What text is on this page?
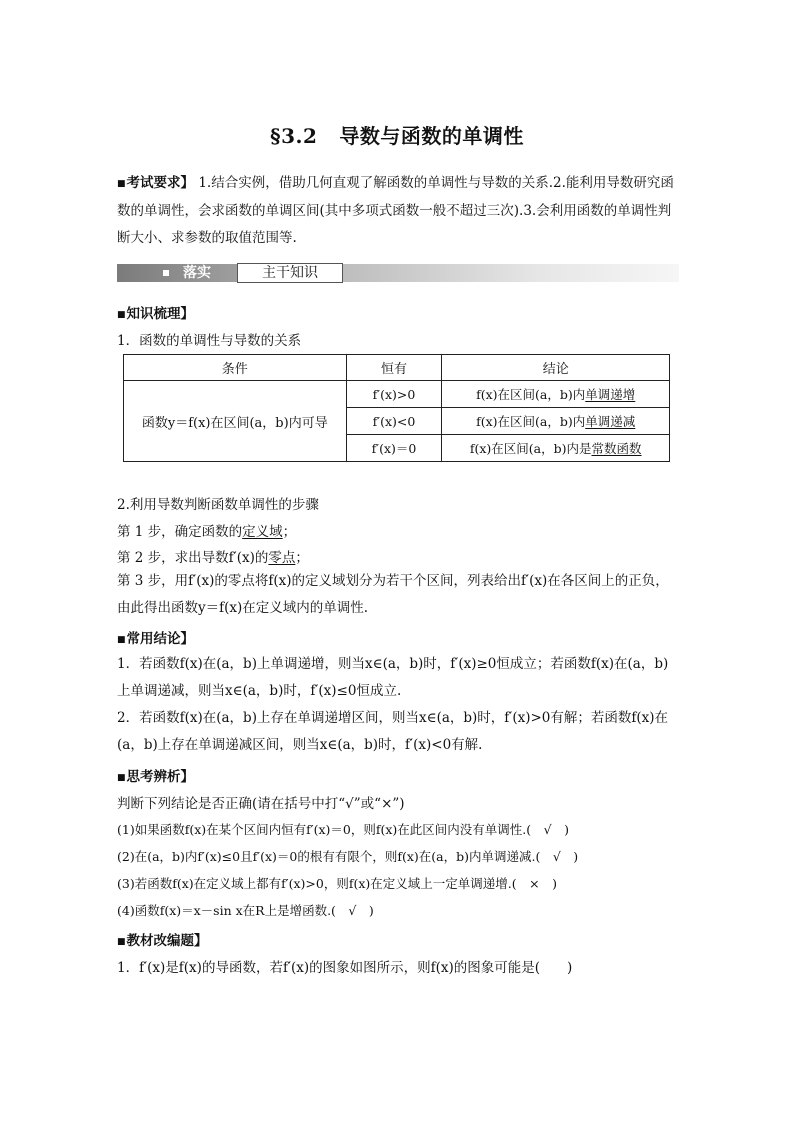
§3.2 导数与函数的单调性

■考试要求】 1.结合实例，借助几何直观了解函数的单调性与导数的关系.2.能利用导数研究函数的单调性，会求函数的单调区间(其中多项式函数一般不超过三次).3.会利用函数的单调性判断大小、求参数的取值范围等.

落实	主干知识
■知识梳理】
1．函数的单调性与导数的关系
条件	恒有	结论
函数y＝f(x)在区间(a，b)内可导	f′(x)>0	f(x)在区间(a，b)内单调递增
	f′(x)<0	f(x)在区间(a，b)内单调递减
	f′(x)＝0	f(x)在区间(a，b)内是常数函数
2.利用导数判断函数单调性的步骤
第 1 步，确定函数的定义域；
第 2 步，求出导数f′(x)的零点；

第 3 步，用f′(x)的零点将f(x)的定义域划分为若干个区间，列表给出f′(x)在各区间上的正负，由此得出函数y＝f(x)在定义域内的单调性.

■常用结论】

1．若函数f(x)在(a，b)上单调递增，则当x∈(a，b)时，f′(x)≥0恒成立；若函数f(x)在(a，b)上单调递减，则当x∈(a，b)时，f′(x)≤0恒成立.

2．若函数f(x)在(a，b)上存在单调递增区间，则当x∈(a，b)时，f′(x)>0有解；若函数f(x)在(a，b)上存在单调递减区间，则当x∈(a，b)时，f′(x)<0有解.

■思考辨析】
判断下列结论是否正确(请在括号中打“√”或“×”)
(1)如果函数f(x)在某个区间内恒有f′(x)＝0，则f(x)在此区间内没有单调性.(　√　)
(2)在(a，b)内f′(x)≤0且f′(x)＝0的根有有限个，则f(x)在(a，b)内单调递减.(　√　)
(3)若函数f(x)在定义域上都有f′(x)>0，则f(x)在定义域上一定单调递增.(　×　)
(4)函数f(x)＝x－sin x在R上是增函数.(　√　)
■教材改编题】
1．f′(x)是f(x)的导函数，若f′(x)的图象如图所示，则f(x)的图象可能是(　　)
